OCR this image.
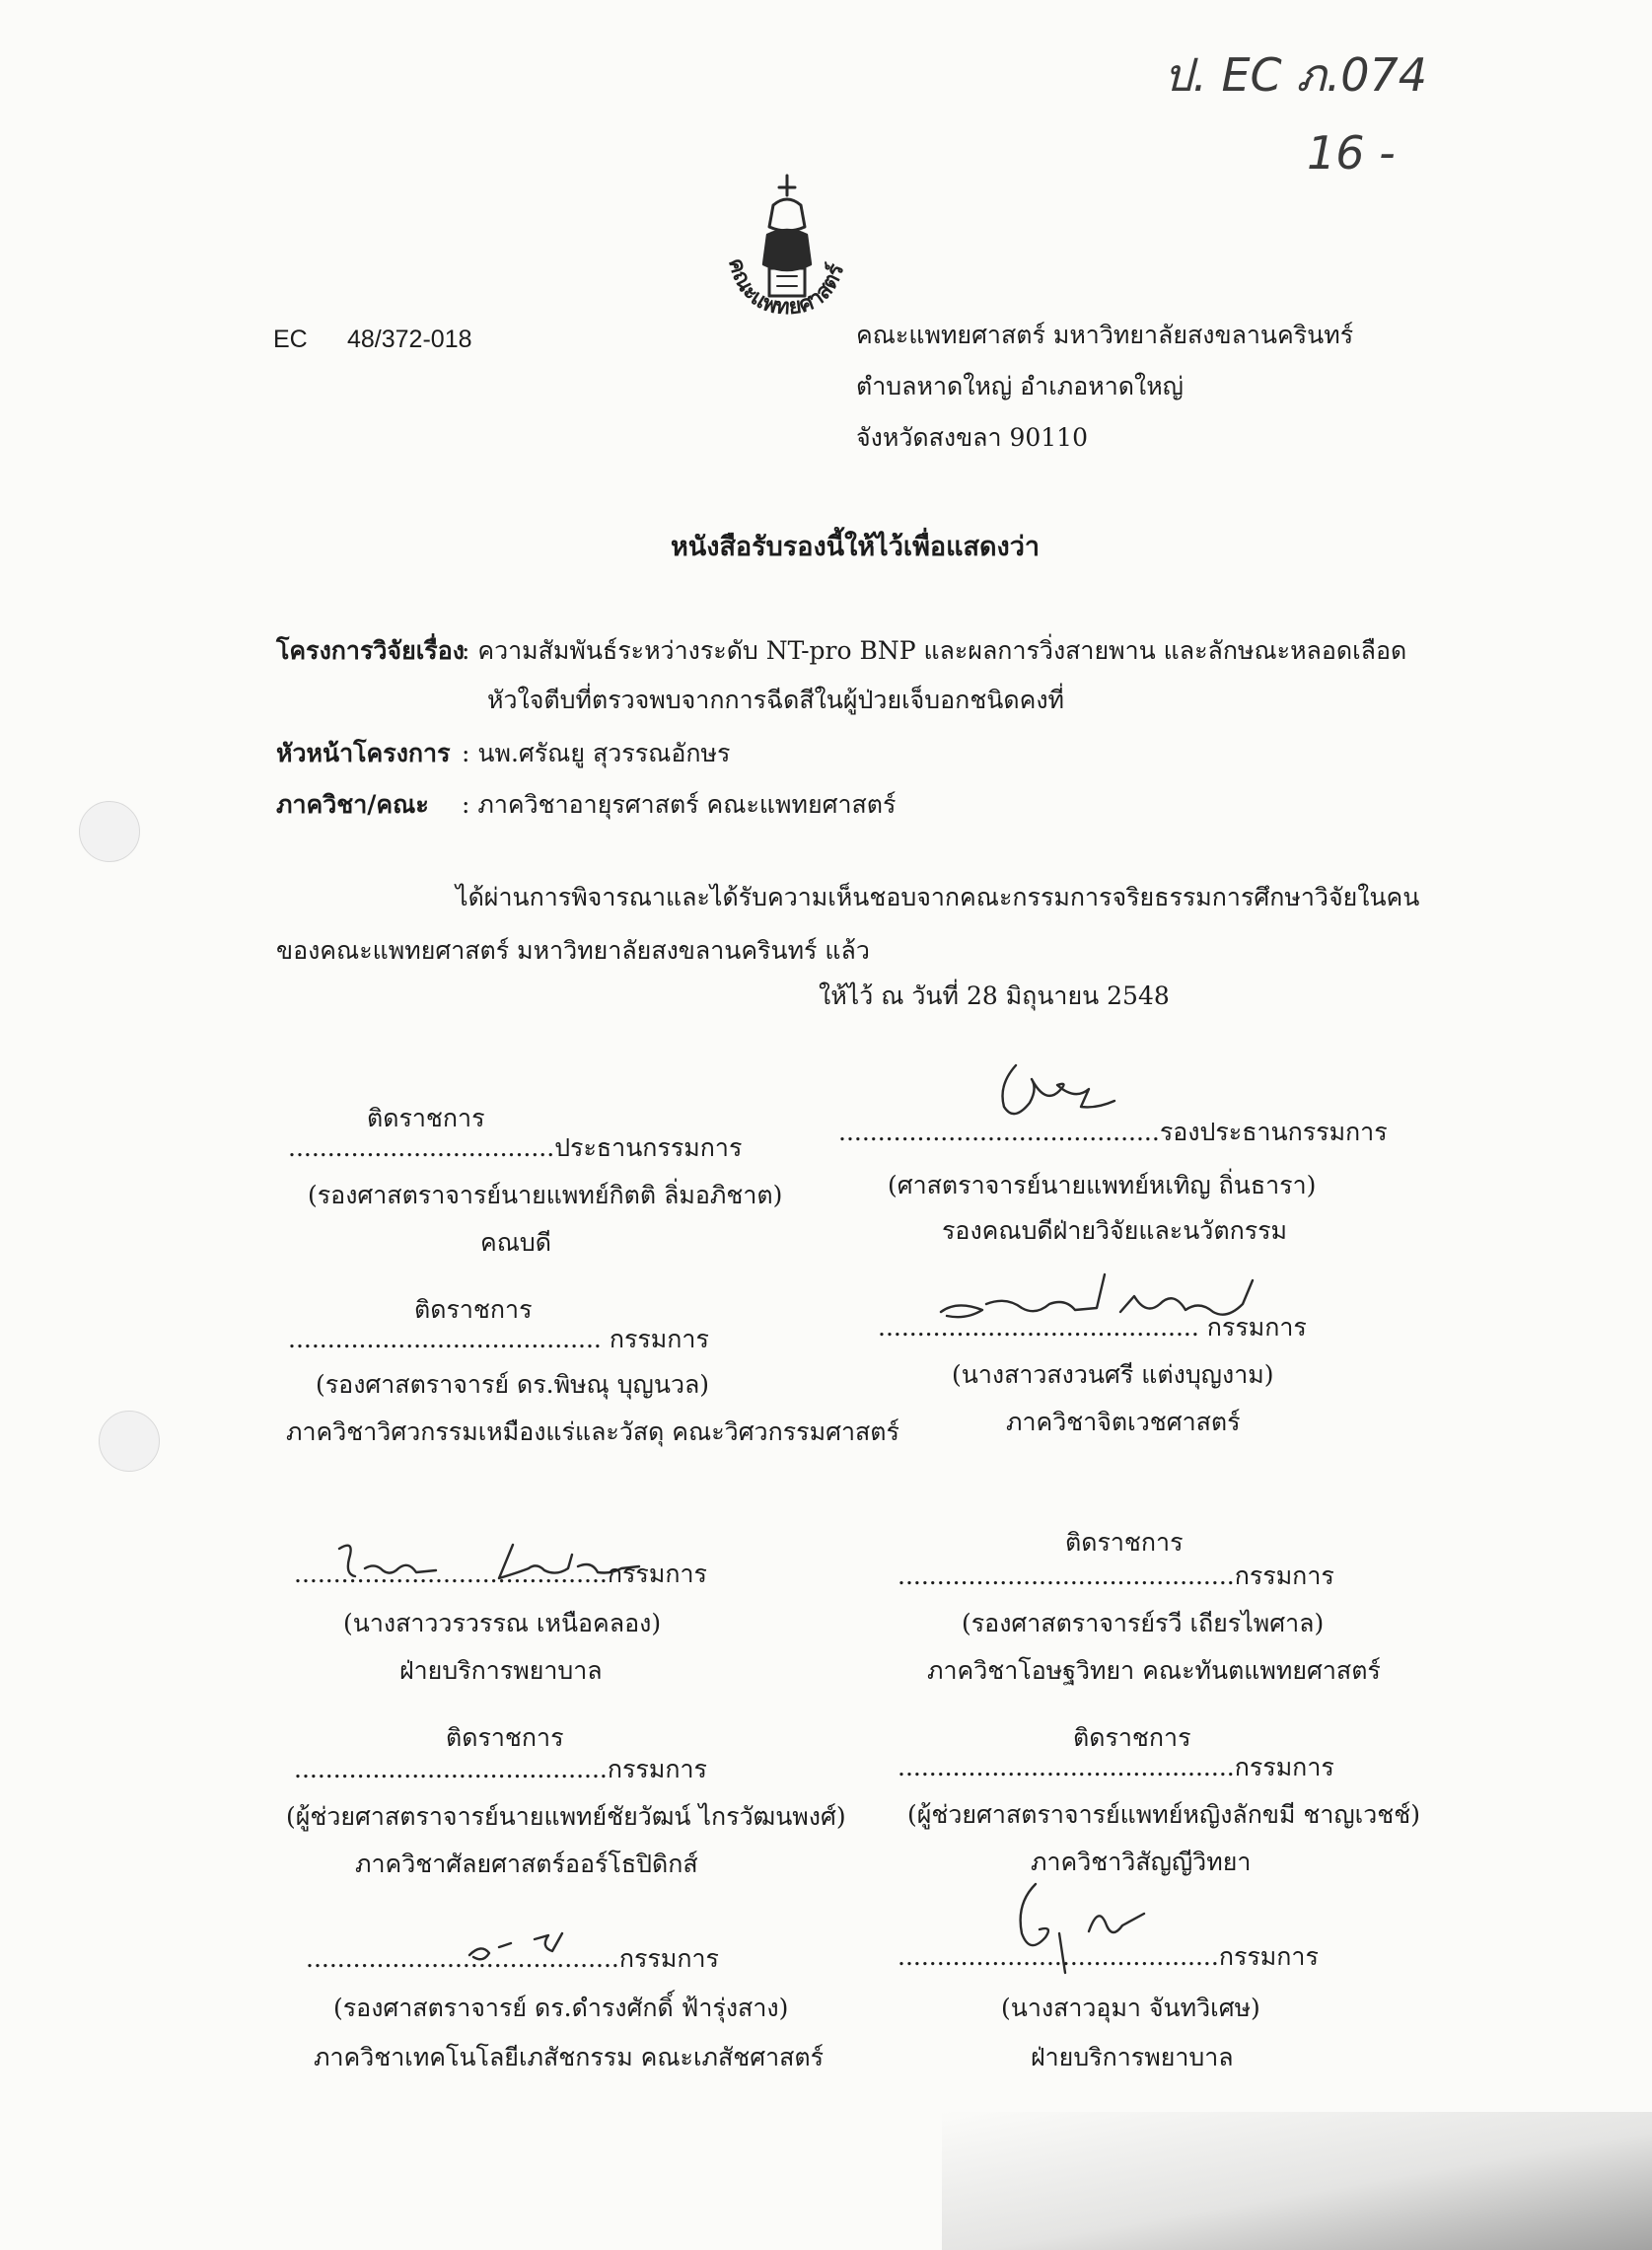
ป. EC ภ.074
16 -
คณะแพทยศาสตร์
EC 48/372-018	คณะแพทยศาสตร์ มหาวิทยาลัยสงขลานครินทร์
ตำบลหาดใหญ่ อำเภอหาดใหญ่
จังหวัดสงขลา 90110
หนังสือรับรองนี้ให้ไว้เพื่อแสดงว่า
โครงการวิจัยเรื่อง
: ความสัมพันธ์ระหว่างระดับ NT-pro BNP และผลการวิ่งสายพาน และลักษณะหลอดเลือด
หัวใจตีบที่ตรวจพบจากการฉีดสีในผู้ป่วยเจ็บอกชนิดคงที่
หัวหน้าโครงการ : นพ.ศรัณยู สุวรรณอักษร
ภาควิชา/คณะ : ภาควิชาอายุรศาสตร์ คณะแพทยศาสตร์
ได้ผ่านการพิจารณาและได้รับความเห็นชอบจากคณะกรรมการจริยธรรมการศึกษาวิจัยในคน
ของคณะแพทยศาสตร์ มหาวิทยาลัยสงขลานครินทร์ แล้ว
ให้ไว้ ณ วันที่ 28 มิถุนายน 2548
ติดราชการ
..................................ประธานกรรมการ
(รองศาสตราจารย์นายแพทย์กิตติ ลิ่มอภิชาต)
คณบดี
.........................................รองประธานกรรมการ
(ศาสตราจารย์นายแพทย์หเทิญ ถิ่นธารา)
รองคณบดีฝ่ายวิจัยและนวัตกรรม
ติดราชการ
........................................ กรรมการ
(รองศาสตราจารย์ ดร.พิษณุ บุญนวล)
ภาควิชาวิศวกรรมเหมืองแร่และวัสดุ คณะวิศวกรรมศาสตร์
......................................... กรรมการ
(นางสาวสงวนศรี แต่งบุญงาม)
ภาควิชาจิตเวชศาสตร์
........................................กรรมการ
(นางสาววรวรรณ เหนือคลอง)
ฝ่ายบริการพยาบาล
ติดราชการ
...........................................กรรมการ
(รองศาสตราจารย์รวี เถียรไพศาล)
ภาควิชาโอษฐวิทยา คณะทันตแพทยศาสตร์
ติดราชการ
........................................กรรมการ
(ผู้ช่วยศาสตราจารย์นายแพทย์ชัยวัฒน์ ไกรวัฒนพงศ์)
ภาควิชาศัลยศาสตร์ออร์โธปิดิกส์
ติดราชการ
...........................................กรรมการ
(ผู้ช่วยศาสตราจารย์แพทย์หญิงลักขมี ชาญเวชช์)
ภาควิชาวิสัญญีวิทยา
........................................กรรมการ
(รองศาสตราจารย์ ดร.ดำรงศักดิ์ ฟ้ารุ่งสาง)
ภาควิชาเทคโนโลยีเภสัชกรรม คณะเภสัชศาสตร์
.........................................กรรมการ
(นางสาวอุมา จันทวิเศษ)
ฝ่ายบริการพยาบาล
